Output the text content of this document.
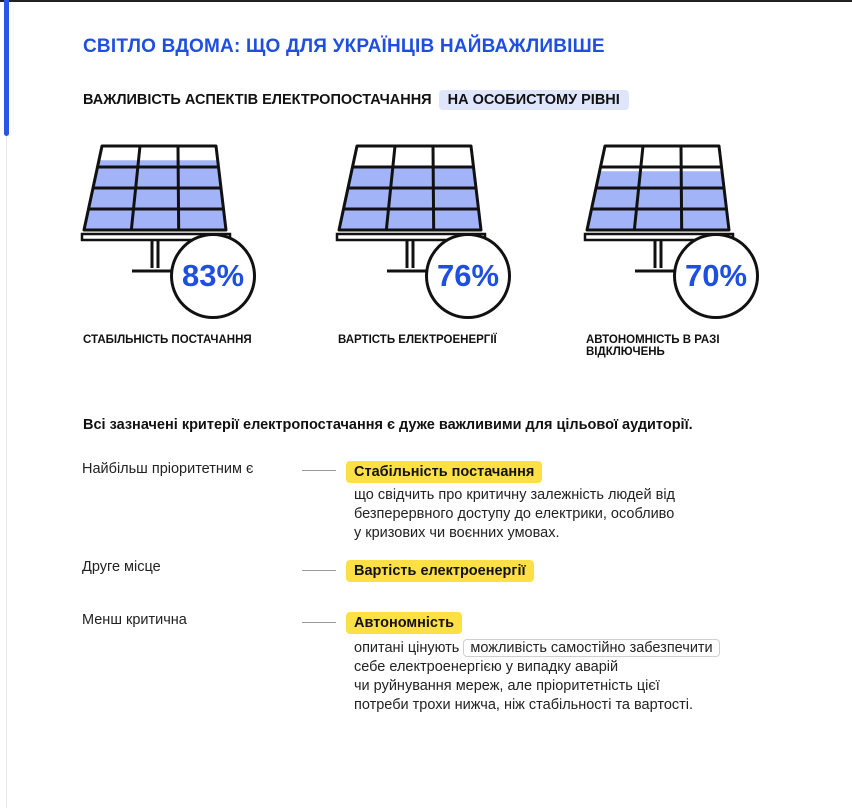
СВІТЛО ВДОМА: ЩО ДЛЯ УКРАЇНЦІВ НАЙВАЖЛИВІШЕ
ВАЖЛИВІСТЬ АСПЕКТІВ ЕЛЕКТРОПОСТАЧАННЯ НА ОСОБИСТОМУ РІВНІ
83%	76%	70%
СТАБІЛЬНІСТЬ ПОСТАЧАННЯ	ВАРТІСТЬ ЕЛЕКТРОЕНЕРГІЇ	АВТОНОМНІСТЬ В РАЗІ ВІДКЛЮЧЕНЬ
Всі зазначені критерії електропостачання є дуже важливими для цільової аудиторії.
Найбільш пріоритетним є	Стабільність постачання
що свідчить про критичну залежність людей від
безперервного доступу до електрики, особливо
у кризових чи воєнних умовах.
Друге місце	Вартість електроенергії
Менш критична	Автономність
опитані цінують можливість самостійно забезпечити
себе електроенергією у випадку аварій
чи руйнування мереж, але пріоритетність цієї
потреби трохи нижча, ніж стабільності та вартості.
